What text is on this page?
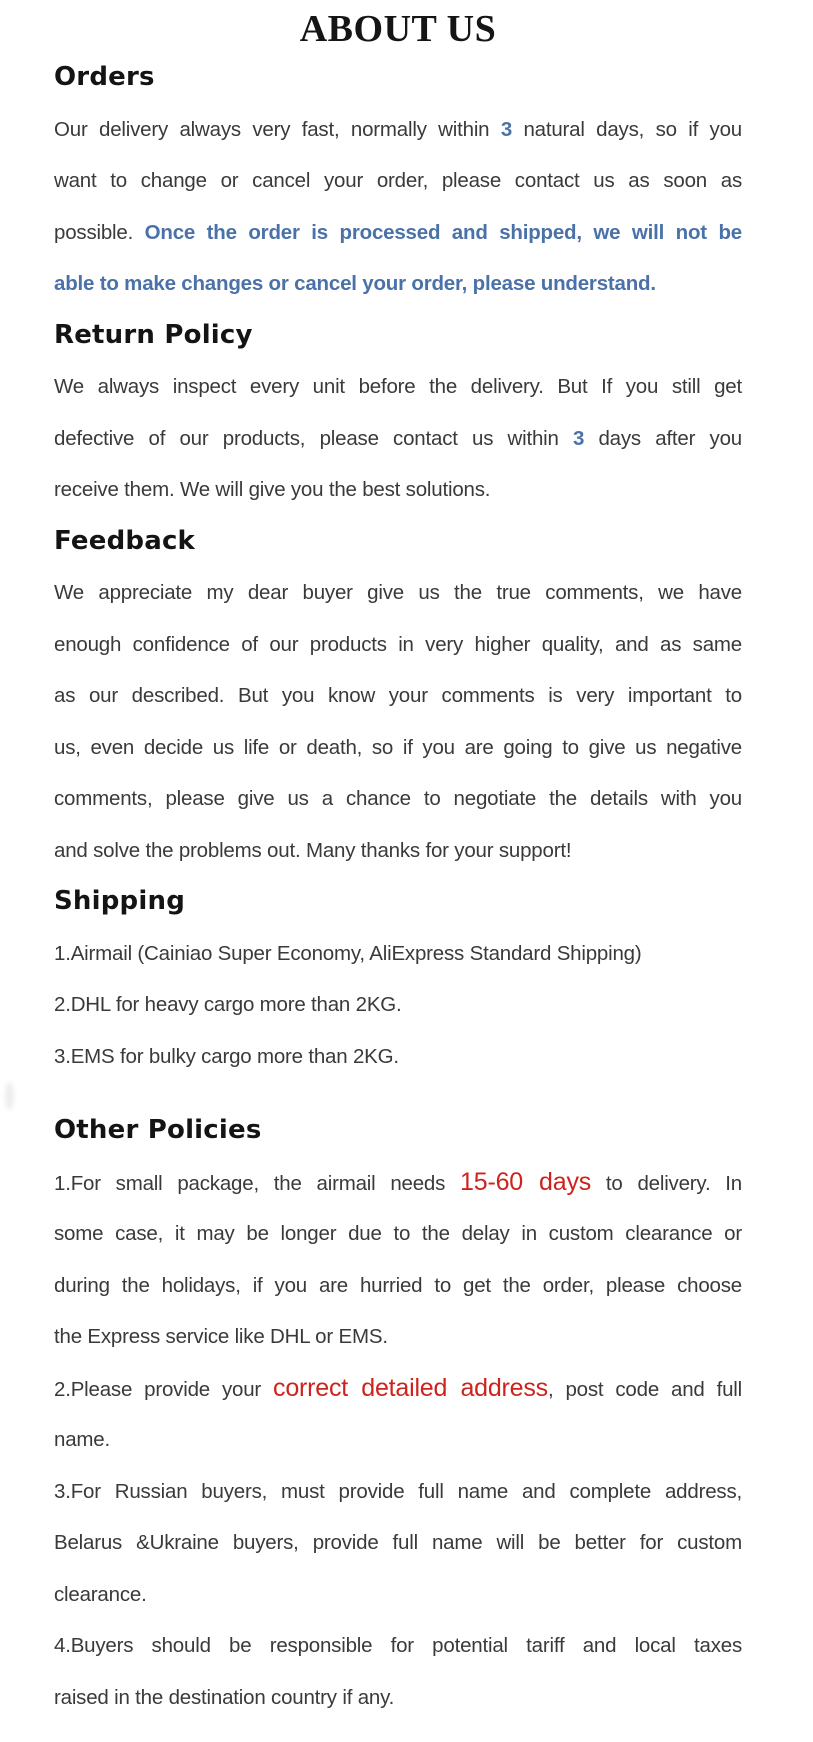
ABOUT US
Orders
Our delivery always very fast, normally within 3 natural days, so if you
want to change or cancel your order, please contact us as soon as
possible. Once the order is processed and shipped, we will not be
able to make changes or cancel your order, please understand.
Return Policy
We always inspect every unit before the delivery. But If you still get
defective of our products, please contact us within 3 days after you
receive them. We will give you the best solutions.
Feedback
We appreciate my dear buyer give us the true comments, we have
enough confidence of our products in very higher quality, and as same
as our described. But you know your comments is very important to
us, even decide us life or death, so if you are going to give us negative
comments, please give us a chance to negotiate the details with you
and solve the problems out. Many thanks for your support!
Shipping
1.Airmail (Cainiao Super Economy, AliExpress Standard Shipping)
2.DHL for heavy cargo more than 2KG.
3.EMS for bulky cargo more than 2KG.
Other Policies
1.For small package, the airmail needs 15-60 days to delivery. In
some case, it may be longer due to the delay in custom clearance or
during the holidays, if you are hurried to get the order, please choose
the Express service like DHL or EMS.
2.Please provide your correct detailed address, post code and full
name.
3.For Russian buyers, must provide full name and complete address,
Belarus &Ukraine buyers, provide full name will be better for custom
clearance.
4.Buyers should be responsible for potential tariff and local taxes
raised in the destination country if any.
